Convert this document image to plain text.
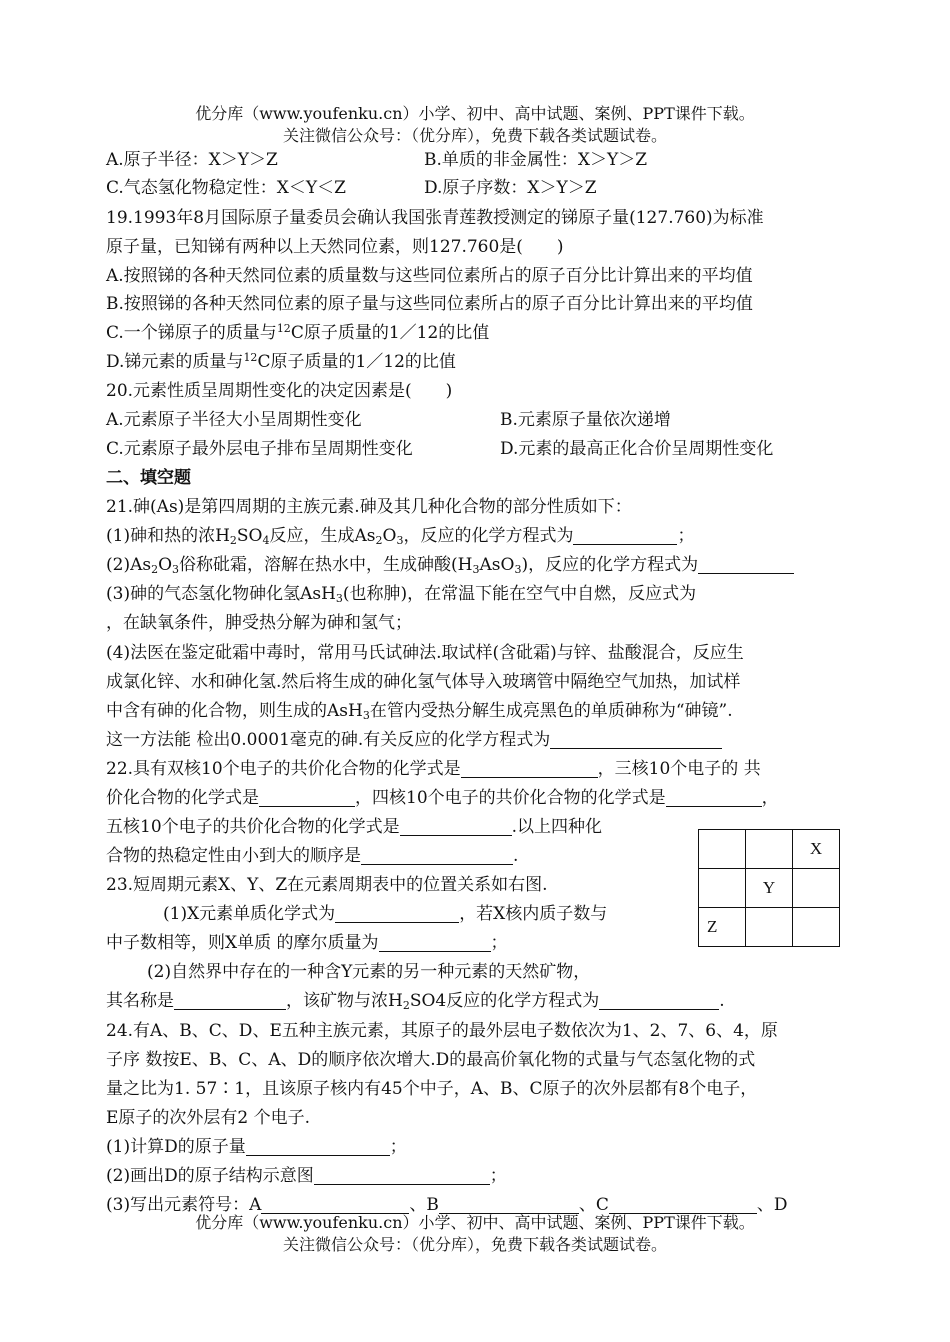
优分库（www.youfenku.cn）小学、初中、高中试题、案例、PPT课件下载。
关注微信公众号：（优分库），免费下载各类试题试卷。
A.原子半径：X＞Y＞Z	B.单质的非金属性：X＞Y＞Z
C.气态氢化物稳定性：X＜Y＜Z	D.原子序数：X＞Y＞Z
19.1993年8月国际原子量委员会确认我国张青莲教授测定的锑原子量(127.760)为标准
原子量，已知锑有两种以上天然同位素，则127.760是(　　)
A.按照锑的各种天然同位素的质量数与这些同位素所占的原子百分比计算出来的平均值
B.按照锑的各种天然同位素的原子量与这些同位素所占的原子百分比计算出来的平均值
C.一个锑原子的质量与$^{12}$C原子质量的1／12的比值
D.锑元素的质量与$^{12}$C原子质量的1／12的比值
20.元素性质呈周期性变化的决定因素是(　　)
A.元素原子半径大小呈周期性变化	B.元素原子量依次递增
C.元素原子最外层电子排布呈周期性变化	D.元素的最高正化合价呈周期性变化
二、填空题
21.砷(As)是第四周期的主族元素.砷及其几种化合物的部分性质如下：
(1)砷和热的浓$H_2SO_4$反应，生成$As_2O_3$，反应的化学方程式为	；
$(2)As_2O_3$俗称砒霜，溶解在热水中，生成砷酸$(H_3AsO_3)$，反应的化学方程式为
(3)砷的气态氢化物砷化氢AsH$_3$(也称胂)，在常温下能在空气中自燃，反应式为
，在缺氧条件，胂受热分解为砷和氢气；
(4)法医在鉴定砒霜中毒时，常用马氏试砷法.取试样(含砒霜)与锌、盐酸混合，反应生
成氯化锌、水和砷化氢.然后将生成的砷化氢气体导入玻璃管中隔绝空气加热，加试样
中含有砷的化合物，则生成的AsH$_3$在管内受热分解生成亮黑色的单质砷称为“砷镜”.
这一方法能 检出0.0001毫克的砷.有关反应的化学方程式为
22.具有双核10个电子的共价化合物的化学式是	，三核10个电子的 共
价化合物的化学式是	，四核10个电子的共价化合物的化学式是	，
五核10个电子的共价化合物的化学式是	.以上四种化
合物的热稳定性由小到大的顺序是	.
23.短周期元素X、Y、Z在元素周期表中的位置关系如右图.
(1)X元素单质化学式为	，若X核内质子数与
中子数相等，则X单质 的摩尔质量为	；
(2)自然界中存在的一种含Y元素的另一种元素的天然矿物，
其名称是	，该矿物与浓$H_2SO4$反应的化学方程式为	.
		X
	Y	
Z		
24.有A、B、C、D、E五种主族元素，其原子的最外层电子数依次为1、2、7、6、4，原
子序 数按E、B、C、A、D的顺序依次增大.D的最高价氧化物的式量与气态氢化物的式
量之比为1. 57∶1，且该原子核内有45个中子，A、B、C原子的次外层都有8个电子，
E原子的次外层有2 个电子.
(1)计算D的原子量	；
(2)画出D的原子结构示意图	；
(3)写出元素符号：A	、B	、C	、D
优分库（www.youfenku.cn）小学、初中、高中试题、案例、PPT课件下载。
关注微信公众号：（优分库），免费下载各类试题试卷。
